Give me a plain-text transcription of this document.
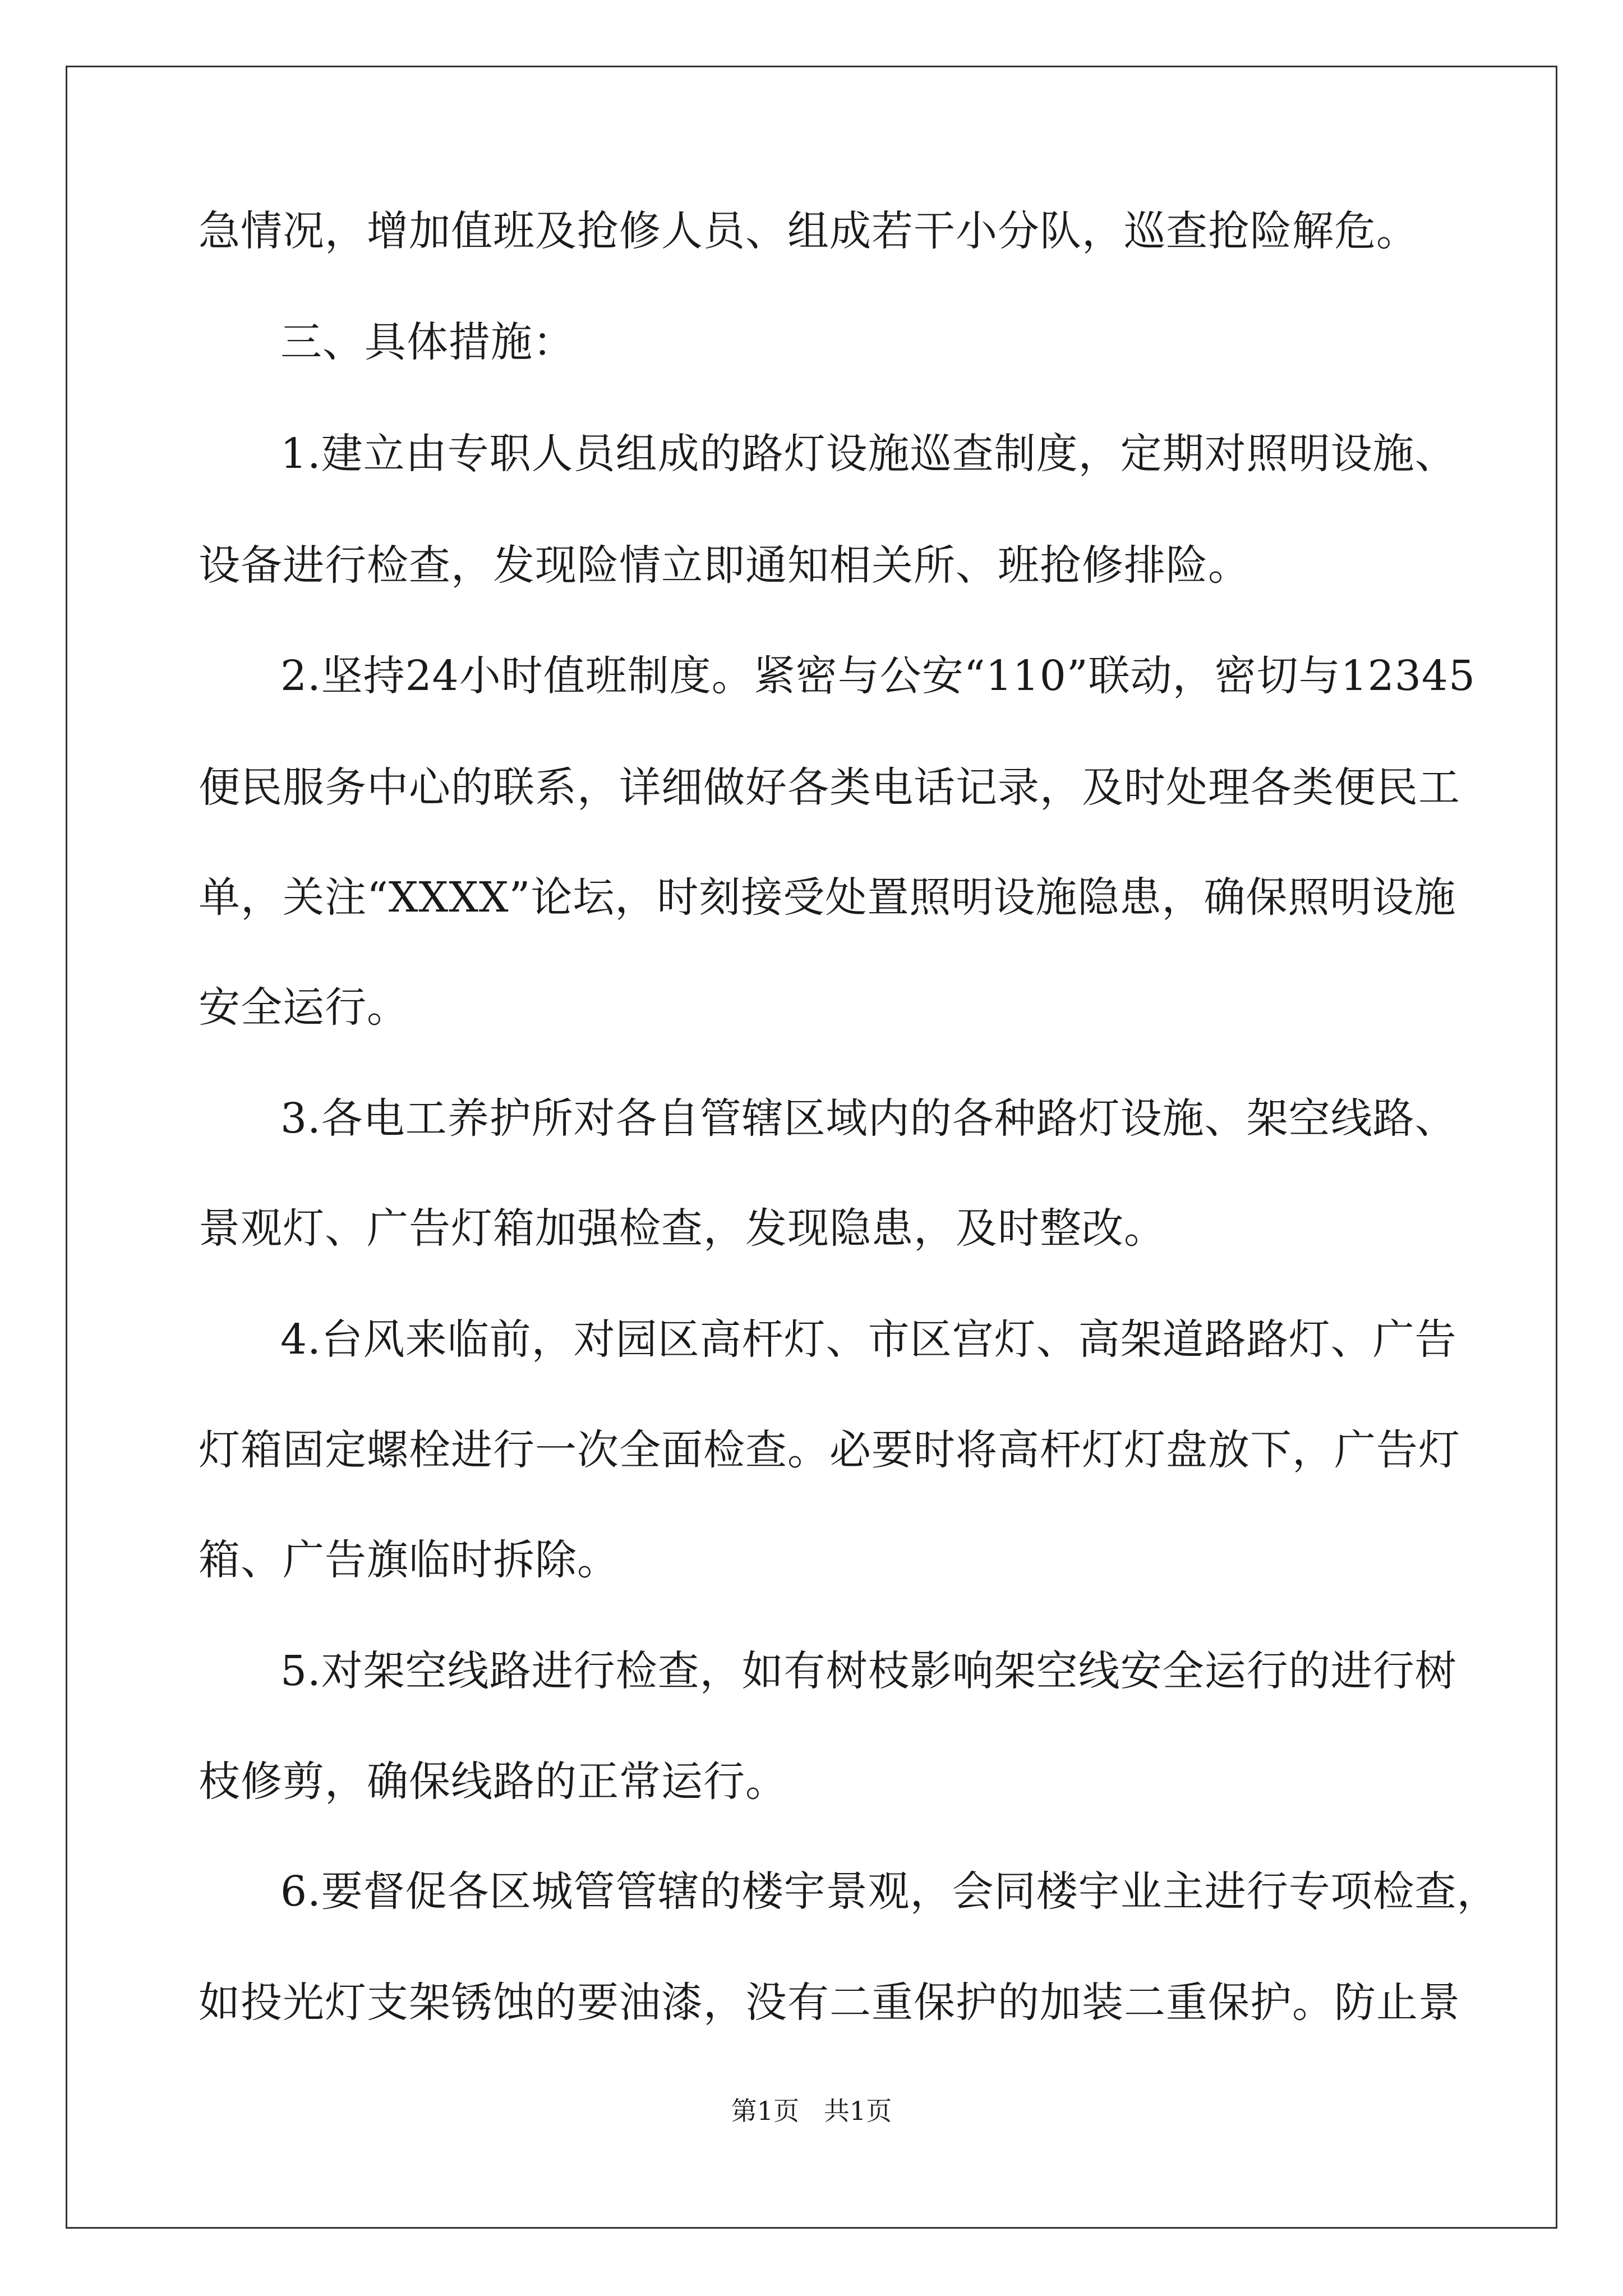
急情况，增加值班及抢修人员、组成若干小分队，巡查抢险解危。
三、具体措施：
1.建立由专职人员组成的路灯设施巡查制度，定期对照明设施、
设备进行检查，发现险情立即通知相关所、班抢修排险。
2.坚持24小时值班制度。紧密与公安“110”联动，密切与12345
便民服务中心的联系，详细做好各类电话记录，及时处理各类便民工
单，关注“XXXX”论坛，时刻接受处置照明设施隐患，确保照明设施
安全运行。
3.各电工养护所对各自管辖区域内的各种路灯设施、架空线路、
景观灯、广告灯箱加强检查，发现隐患，及时整改。
4.台风来临前，对园区高杆灯、市区宫灯、高架道路路灯、广告
灯箱固定螺栓进行一次全面检查。必要时将高杆灯灯盘放下，广告灯
箱、广告旗临时拆除。
5.对架空线路进行检查，如有树枝影响架空线安全运行的进行树
枝修剪，确保线路的正常运行。
6.要督促各区城管管辖的楼宇景观，会同楼宇业主进行专项检查，
如投光灯支架锈蚀的要油漆，没有二重保护的加装二重保护。防止景
第1页   共1页
